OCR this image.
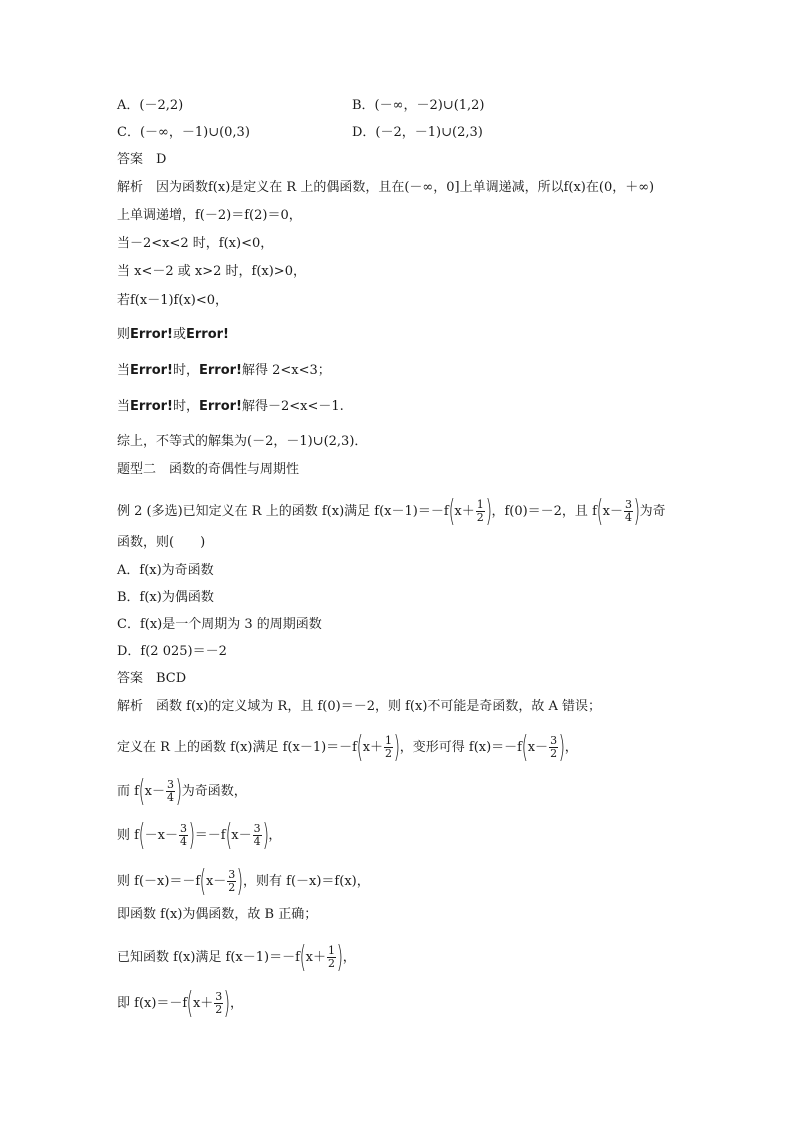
A．(－2,2)	B．(－∞，－2)∪(1,2)
C．(－∞，－1)∪(0,3)	D．(－2，－1)∪(2,3)
答案　D
解析　因为函数f(x)是定义在 R 上的偶函数，且在(－∞，0]上单调递减，所以f(x)在(0，＋∞)
上单调递增，f(－2)＝f(2)＝0，
当－2<x<2 时，f(x)<0，
当 x<－2 或 x>2 时，f(x)>0，
若f(x－1)f(x)<0，
则Error!或Error!
当Error!时，Error!解得 2<x<3；
当Error!时，Error!解得－2<x<－1.
综上，不等式的解集为(－2，－1)∪(2,3)．
题型二　函数的奇偶性与周期性
例 2 (多选)已知定义在 R 上的函数 f(x)满足 $f(x-1)=-f(x+ \frac{1}{2}$ )，f(0)＝－2，且 $f(x- \frac{3}{4}$ )为奇
函数，则(　　)
A．f(x)为奇函数
B．f(x)为偶函数
C．f(x)是一个周期为 3 的周期函数
D．f(2 025)＝－2
答案　BCD
解析　函数 f(x)的定义域为 R，且 f(0)＝－2，则 f(x)不可能是奇函数，故 A 错误；
定义在 R 上的函数 f(x)满足 $f(x-1)=-f(x+ \frac{1}{2}$ )，变形可得 $f(x)=-f(x- \frac{3}{2}$ )，
而 $f(x- \frac{3}{4}$ )为奇函数，
则 $f(-x- \frac{3}{4} )=-f(x- \frac{3}{4}$ )，
则 $f(-x)=-f(x- \frac{3}{2}$ )，则有 f(－x)＝f(x)，
即函数 f(x)为偶函数，故 B 正确；
已知函数 f(x)满足 $f(x-1)=-f(x+ \frac{1}{2}$ )，
即 $f(x)=-f(x+ \frac{3}{2}$ )，
